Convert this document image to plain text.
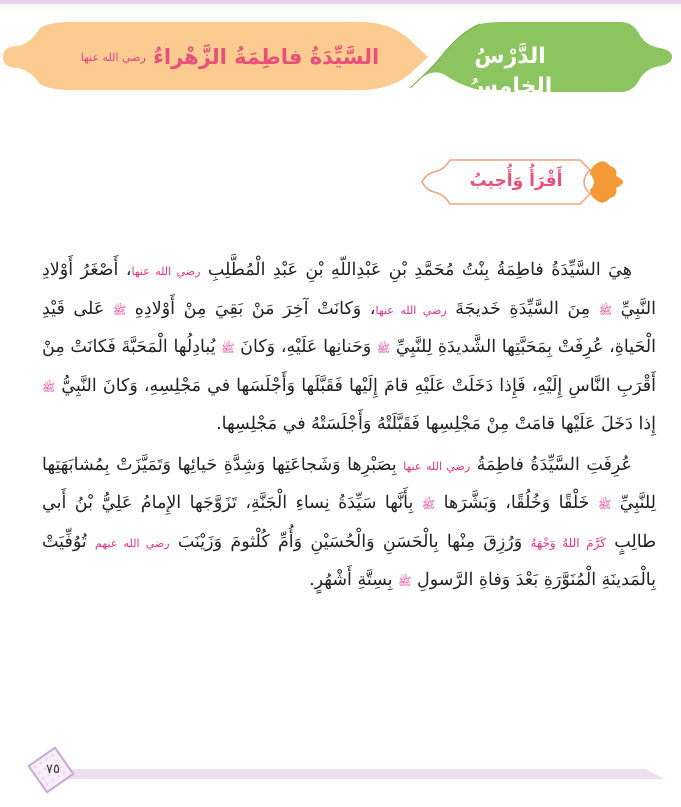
الدَّرْسُ الخامِسُ
السَّيِّدَةُ فاطِمَةُ الزَّهْراءُ رضي الله عنها
أَقْرَأُ وَأُجيبُ

هِيَ السَّيِّدَةُ فاطِمَةُ بِنْتُ مُحَمَّدِ بْنِ عَبْدِاللّهِ بْنِ عَبْدِ الْمُطَّلِبِ رضي الله عنها، أَصْغَرُ أَوْلادِ النَّبِيِّ ﷺ مِنَ السَّيِّدَةِ خَديجَةَ رضي الله عنها، وَكانَتْ آخِرَ مَنْ بَقِيَ مِنْ أَوْلادِهِ ﷺ عَلى قَيْدِ الْحَياةِ، عُرِفَتْ بِمَحَبَّتِها الشَّديدَةِ لِلنَّبِيِّ ﷺ وَحَنانِها عَلَيْهِ، وَكانَ ﷺ يُبادِلُها الْمَحَبَّةَ فَكانَتْ مِنْ أَقْرَبِ النَّاسِ إِلَيْهِ، فَإِذا دَخَلَتْ عَلَيْهِ قامَ إِلَيْها فَقَبَّلَها وَأَجْلَسَها في مَجْلِسِهِ، وَكانَ النَّبِيُّ ﷺ إِذا دَخَلَ عَلَيْها قامَتْ مِنْ مَجْلِسِها فَقَبَّلَتْهُ وَأَجْلَسَتْهُ في مَجْلِسِها.

عُرِفَتِ السَّيِّدَةُ فاطِمَةُ رضي الله عنها بِصَبْرِها وَشَجاعَتِها وَشِدَّةِ حَيائِها وَتَمَيَّزَتْ بِمُشابَهَتِها لِلنَّبِيِّ ﷺ خَلْقًا وَخُلُقًا، وَبَشَّرَها ﷺ بِأَنَّها سَيِّدَةُ نِساءِ الْجَنَّةِ، تَزَوَّجَها الإِمامُ عَلِيُّ بْنُ أَبي طالِبٍ كَرَّمَ اللهُ وَجْهَهُ وَرُزِقَ مِنْها بِالْحَسَنِ وَالْحُسَيْنِ وَأُمِّ كُلْثومَ وَزَيْنَبَ رضي الله عنهم تُوُفِّيَتْ بِالْمَدينَةِ الْمُنَوَّرَةِ بَعْدَ وَفاةِ الرَّسولِ ﷺ بِسِتَّةِ أَشْهُرٍ.

٧٥
